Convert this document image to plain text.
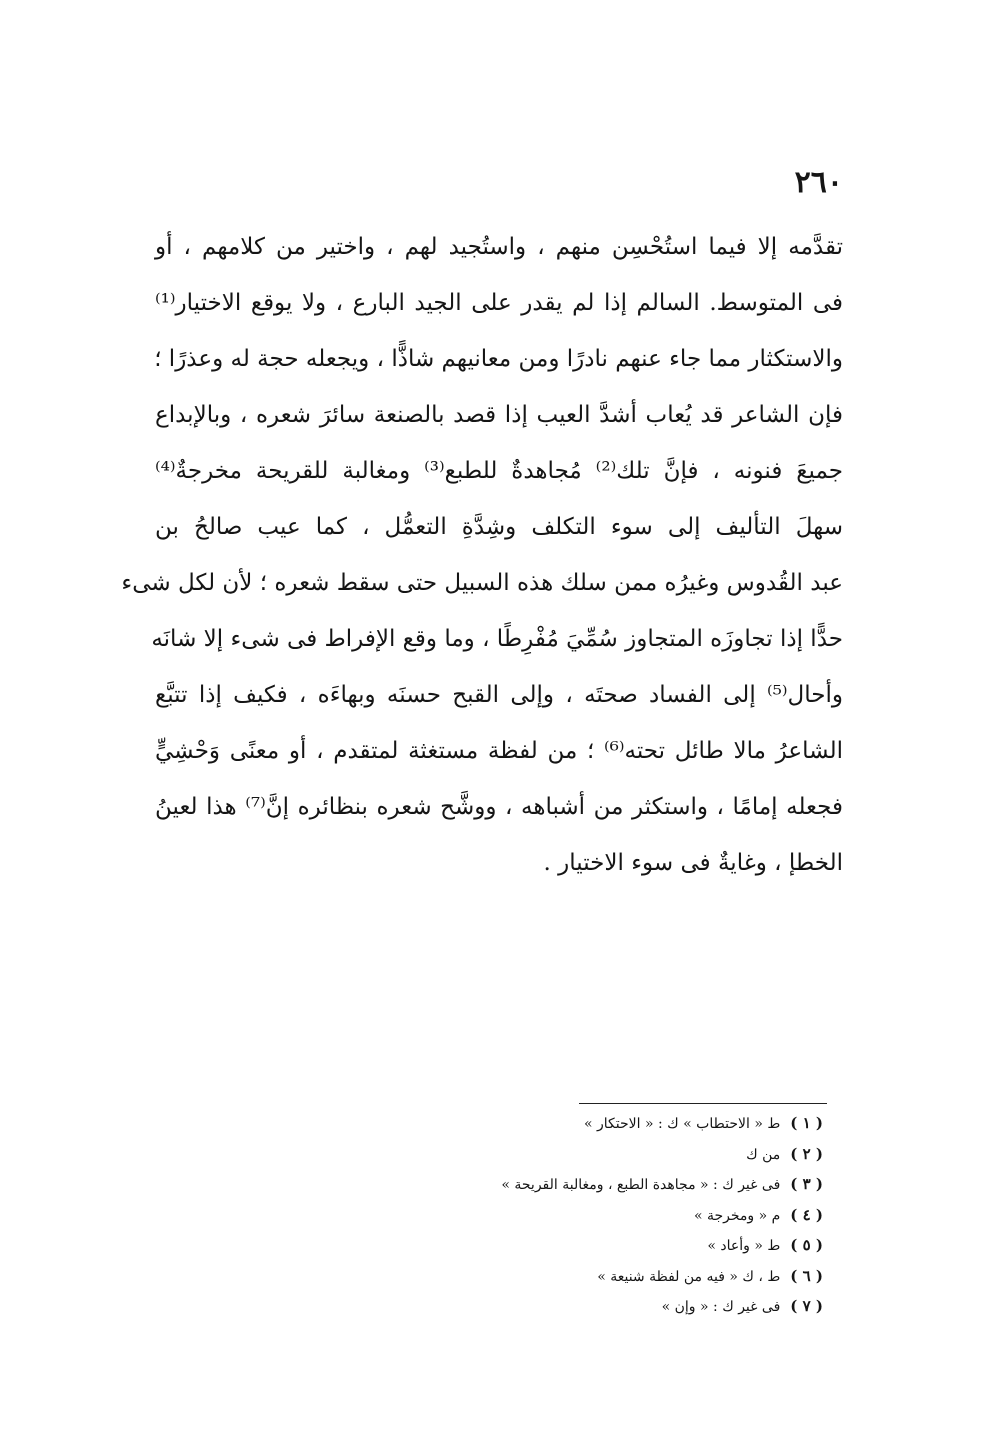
٢٦٠
تقدَّمه إلا فيما استُحْسِن منهم ، واستُجيد لهم ، واختير من كلامهم ، أو
فى المتوسط. السالم إذا لم يقدر على الجيد البارع ، ولا يوقع الاختيار⁽¹⁾
والاستكثار مما جاء عنهم نادرًا ومن معانيهم شاذًّا ، ويجعله حجة له وعذرًا ؛
فإن الشاعر قد يُعاب أشدَّ العيب إذا قصد بالصنعة سائرَ شعره ، وبالإبداع
جميعَ فنونه ، فإنَّ تلك⁽²⁾ مُجاهدةٌ للطبع⁽³⁾ ومغالبة للقريحة مخرجةٌ⁽⁴⁾
سهلَ التأليف إلى سوء التكلف وشِدَّةِ التعمُّل ، كما عيب صالحُ بن
عبد القُدوس وغيرُه ممن سلك هذه السبيل حتى سقط شعره ؛ لأن لكل شىء
حدًّا إذا تجاوزَه المتجاوز سُمِّيَ مُفْرِطًا ، وما وقع الإفراط فى شىء إلا شانَه
وأحال⁽⁵⁾ إلى الفساد صحتَه ، وإلى القبح حسنَه وبهاءَه ، فكيف إذا تتبَّع
الشاعرُ مالا طائل تحته⁽⁶⁾ ؛ من لفظة مستغثة لمتقدم ، أو معنًى وَحْشِيٍّ
فجعله إمامًا ، واستكثر من أشباهه ، ووشَّح شعره بنظائره إنَّ⁽⁷⁾ هذا لعينُ
الخطإ ، وغايةٌ فى سوء الاختيار .
( ١ )ط « الاحتطاب » ك : « الاحتكار »
( ٢ )من ك
( ٣ )فى غير ك : « مجاهدة الطبع ، ومغالبة القريحة »
( ٤ )م « ومخرجة »
( ٥ )ط « وأعاد »
( ٦ )ط ، ك « فيه من لفظة شنيعة »
( ٧ )فى غير ك : « وإن »
